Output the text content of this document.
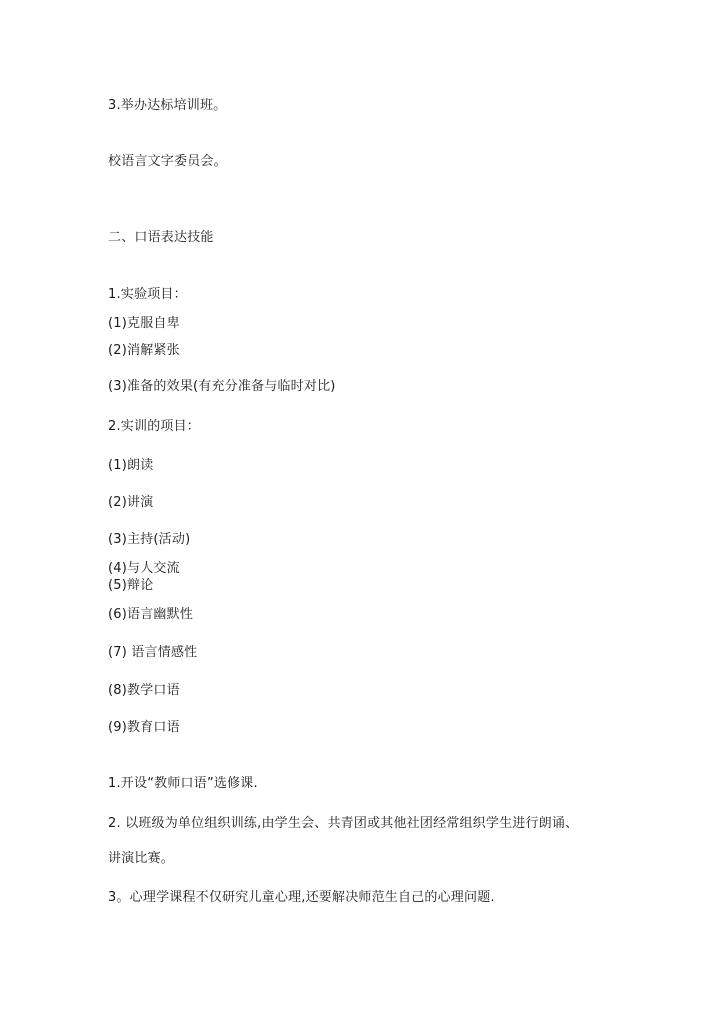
3.举办达标培训班。
校语言文字委员会。
二、口语表达技能
1.实验项目：
(1)克服自卑
(2)消解紧张
(3)准备的效果(有充分准备与临时对比)
2.实训的项目：
(1)朗读
(2)讲演
(3)主持(活动)
(4)与人交流
(5)辩论
(6)语言幽默性
(7) 语言情感性
(8)教学口语
(9)教育口语
1.开设“教师口语”选修课.
2. 以班级为单位组织训练,由学生会、共青团或其他社团经常组织学生进行朗诵、
讲演比赛。
3。心理学课程不仅研究儿童心理,还要解决师范生自己的心理问题.
